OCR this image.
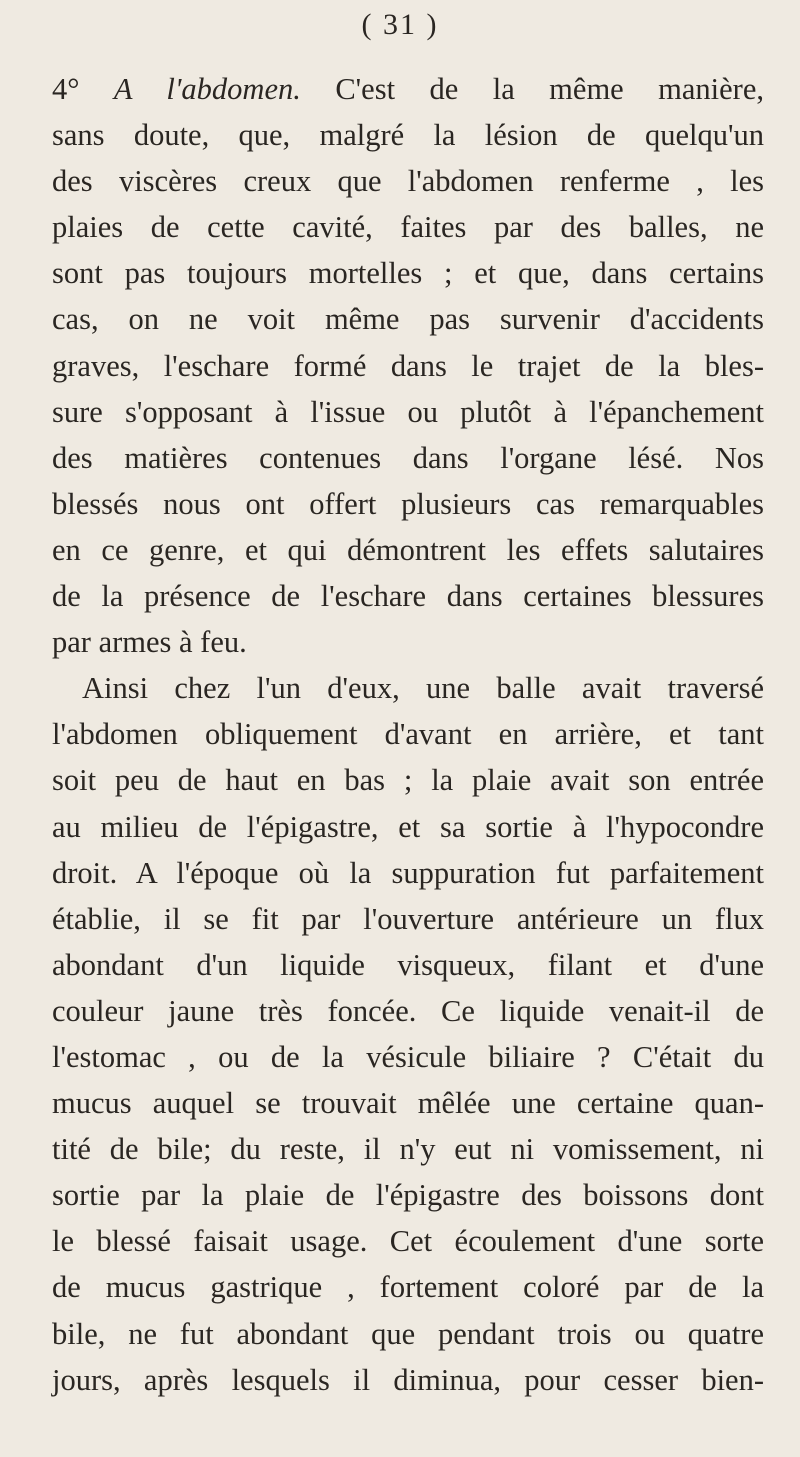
( 31 )
4° A l'abdomen. C'est de la même manière,
sans doute, que, malgré la lésion de quelqu'un
des viscères creux que l'abdomen renferme , les
plaies de cette cavité, faites par des balles, ne
sont pas toujours mortelles ; et que, dans certains
cas, on ne voit même pas survenir d'accidents
graves, l'eschare formé dans le trajet de la bles-
sure s'opposant à l'issue ou plutôt à l'épanchement
des matières contenues dans l'organe lésé. Nos
blessés nous ont offert plusieurs cas remarquables
en ce genre, et qui démontrent les effets salutaires
de la présence de l'eschare dans certaines blessures
par armes à feu.
Ainsi chez l'un d'eux, une balle avait traversé
l'abdomen obliquement d'avant en arrière, et tant
soit peu de haut en bas ; la plaie avait son entrée
au milieu de l'épigastre, et sa sortie à l'hypocondre
droit. A l'époque où la suppuration fut parfaitement
établie, il se fit par l'ouverture antérieure un flux
abondant d'un liquide visqueux, filant et d'une
couleur jaune très foncée. Ce liquide venait-il de
l'estomac , ou de la vésicule biliaire ? C'était du
mucus auquel se trouvait mêlée une certaine quan-
tité de bile; du reste, il n'y eut ni vomissement, ni
sortie par la plaie de l'épigastre des boissons dont
le blessé faisait usage. Cet écoulement d'une sorte
de mucus gastrique , fortement coloré par de la
bile, ne fut abondant que pendant trois ou quatre
jours, après lesquels il diminua, pour cesser bien-
